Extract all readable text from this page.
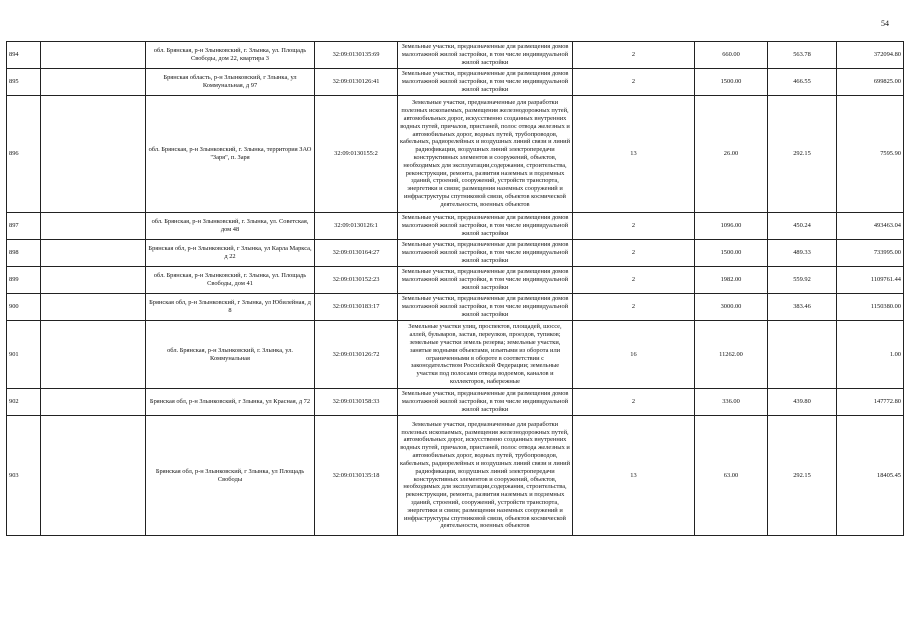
54
894		обл. Брянская, р-н Злынковский, г. Злынка, ул. Площадь Свободы, дом 22, квартира 3	32:09:0130135:69	Земельные участки, предназначенные для размещения домов малоэтажной жилой застройки, в том числе индивидуальной жилой застройки	2	660.00	563.78	372094.80
895		Брянская область, р-н Злынковский, г Злынка, ул Коммунальная, д 97	32:09:0130126:41	Земельные участки, предназначенные для размещения домов малоэтажной жилой застройки, в том числе индивидуальной жилой застройки	2	1500.00	466.55	699825.00
896		обл. Брянская, р-н Злынковский, г. Злынка, территория ЗАО "Заря", п. Заря	32:09:0130155:2	Земельные участки, предназначенные для разработки полезных ископаемых, размещения железнодорожных путей, автомобильных дорог, искусственно созданных внутренних водных путей, причалов, пристаней, полос отвода железных и автомобильных дорог, водных путей, трубопроводов, кабельных, радиорелейных и воздушных линий связи и линий радиофикации, воздушных линий электропередачи конструктивных элементов и сооружений, объектов, необходимых для эксплуатации,содержания, строительства, реконструкции, ремонта, развития наземных и подземных зданий, строений, сооружений, устройств транспорта, энергетики и связи; размещения наземных сооружений и инфраструктуры спутниковой связи, объектов космической деятельности, военных объектов	13	26.00	292.15	7595.90
897		обл. Брянская, р-н Злынковский, г. Злынка, ул. Советская, дом 48	32:09:0130126:1	Земельные участки, предназначенные для размещения домов малоэтажной жилой застройки, в том числе индивидуальной жилой застройки	2	1096.00	450.24	493463.04
898		Брянская обл, р-н Злынковский, г Злынка, ул Карла Маркса, д 22	32:09:0130164:27	Земельные участки, предназначенные для размещения домов малоэтажной жилой застройки, в том числе индивидуальной жилой застройки	2	1500.00	489.33	733995.00
899		обл. Брянская, р-н Злынковский, г. Злынка, ул. Площадь Свободы, дом 41	32:09:0130152:23	Земельные участки, предназначенные для размещения домов малоэтажной жилой застройки, в том числе индивидуальной жилой застройки	2	1982.00	559.92	1109761.44
900		Брянская обл, р-н Злынковский, г Злынка, ул Юбилейная, д 8	32:09:0130183:17	Земельные участки, предназначенные для размещения домов малоэтажной жилой застройки, в том числе индивидуальной жилой застройки	2	3000.00	383.46	1150380.00
901		обл. Брянская, р-н Злынковский, г. Злынка, ул. Коммунальная	32:09:0130126:72	Земельные участки улиц, проспектов, площадей, шоссе, аллей, бульваров, застав, переулков, проездов, тупиков; земельные участки земель резерва; земельные участки, занятые водными объектами, изъятыми из оборота или ограниченными в обороте в соответствии с законодательством Российской Федерации; земельные участки под полосами отвода водоемов, каналов и коллекторов, набережные	16	11262.00		1.00
902		Брянская обл, р-н Злынковский, г Злынка, ул Красная, д 72	32:09:0130158:33	Земельные участки, предназначенные для размещения домов малоэтажной жилой застройки, в том числе индивидуальной жилой застройки	2	336.00	439.80	147772.80
903		Брянская обл, р-н Злынковский, г Злынка, ул Площадь Свободы	32:09:0130135:18	Земельные участки, предназначенные для разработки полезных ископаемых, размещения железнодорожных путей, автомобильных дорог, искусственно созданных внутренних водных путей, причалов, пристаней, полос отвода железных и автомобильных дорог, водных путей, трубопроводов, кабельных, радиорелейных и воздушных линий связи и линий радиофикации, воздушных линий электропередачи конструктивных элементов и сооружений, объектов, необходимых для эксплуатации,содержания, строительства, реконструкции, ремонта, развития наземных и подземных зданий, строений, сооружений, устройств транспорта, энергетики и связи; размещения наземных сооружений и инфраструктуры спутниковой связи, объектов космической деятельности, военных объектов	13	63.00	292.15	18405.45
